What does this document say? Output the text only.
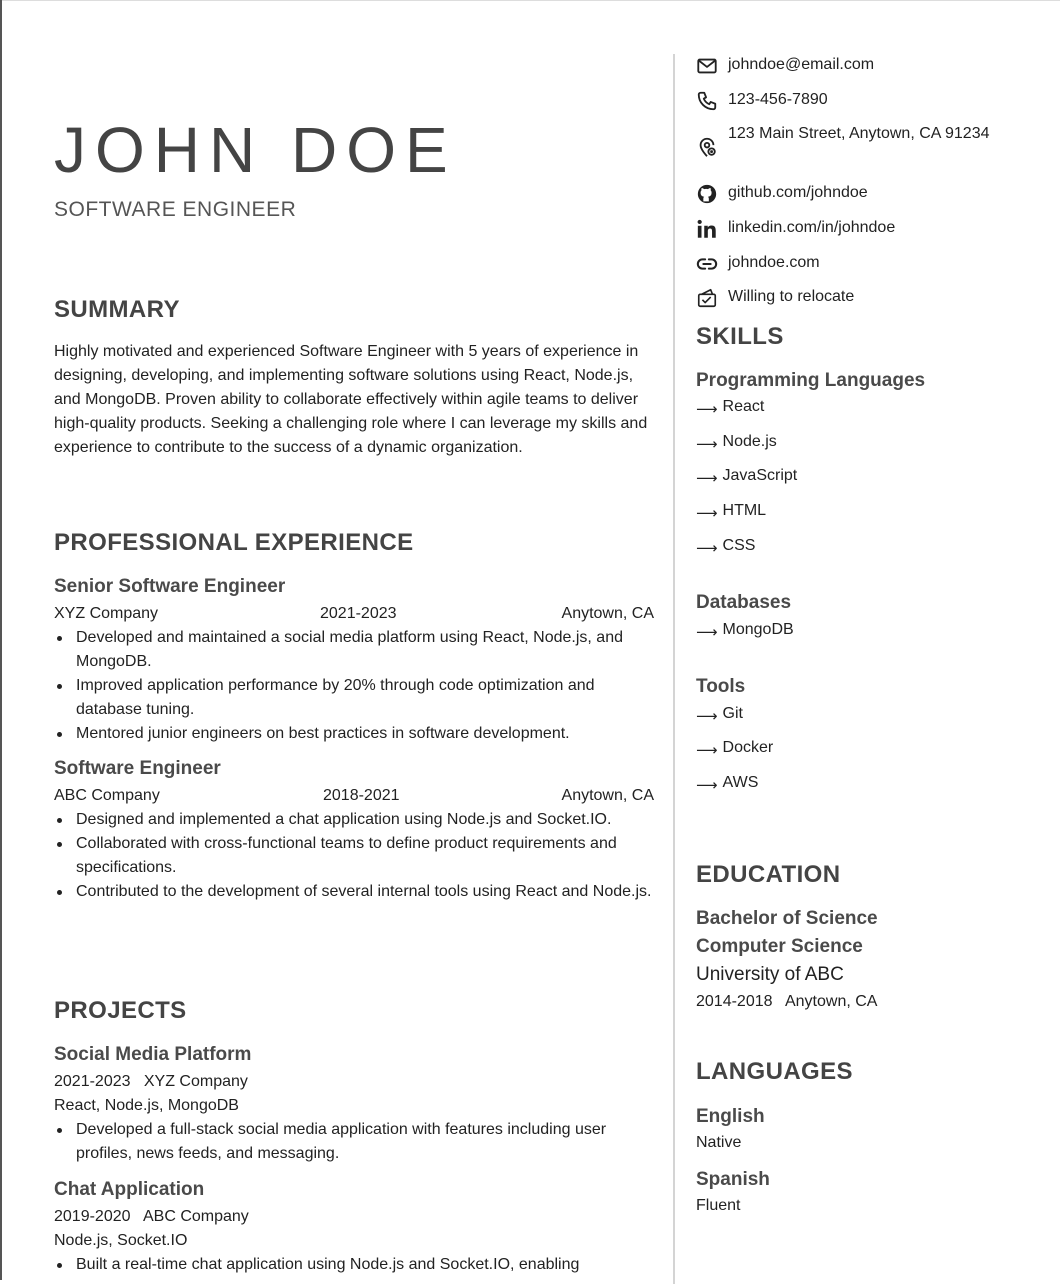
JOHN DOE
SOFTWARE ENGINEER
SUMMARY

Highly motivated and experienced Software Engineer with 5 years of experience in designing, developing, and implementing software solutions using React, Node.js, and MongoDB. Proven ability to collaborate effectively within agile teams to deliver high-quality products. Seeking a challenging role where I can leverage my skills and experience to contribute to the success of a dynamic organization.

PROFESSIONAL EXPERIENCE
Senior Software Engineer
XYZ Company	2021-2023	Anytown, CA
Developed and maintained a social media platform using React, Node.js, and MongoDB.
Improved application performance by 20% through code optimization and database tuning.
Mentored junior engineers on best practices in software development.
Software Engineer
ABC Company	2018-2021	Anytown, CA
Designed and implemented a chat application using Node.js and Socket.IO.
Collaborated with cross-functional teams to define product requirements and specifications.
Contributed to the development of several internal tools using React and Node.js.
PROJECTS
Social Media Platform
2021-2023 XYZ Company
React, Node.js, MongoDB
Developed a full-stack social media application with features including user profiles, news feeds, and messaging.
Chat Application
2019-2020 ABC Company
Node.js, Socket.IO
Built a real-time chat application using Node.js and Socket.IO, enabling
johndoe@email.com
123-456-7890
123 Main Street, Anytown, CA 91234
github.com/johndoe
linkedin.com/in/johndoe
johndoe.com
Willing to relocate
SKILLS
Programming Languages
⟶ React
⟶ Node.js
⟶ JavaScript
⟶ HTML
⟶ CSS
Databases
⟶ MongoDB
Tools
⟶ Git
⟶ Docker
⟶ AWS
EDUCATION
Bachelor of Science
Computer Science
University of ABC
2014-2018 Anytown, CA
LANGUAGES
English
Native
Spanish
Fluent
